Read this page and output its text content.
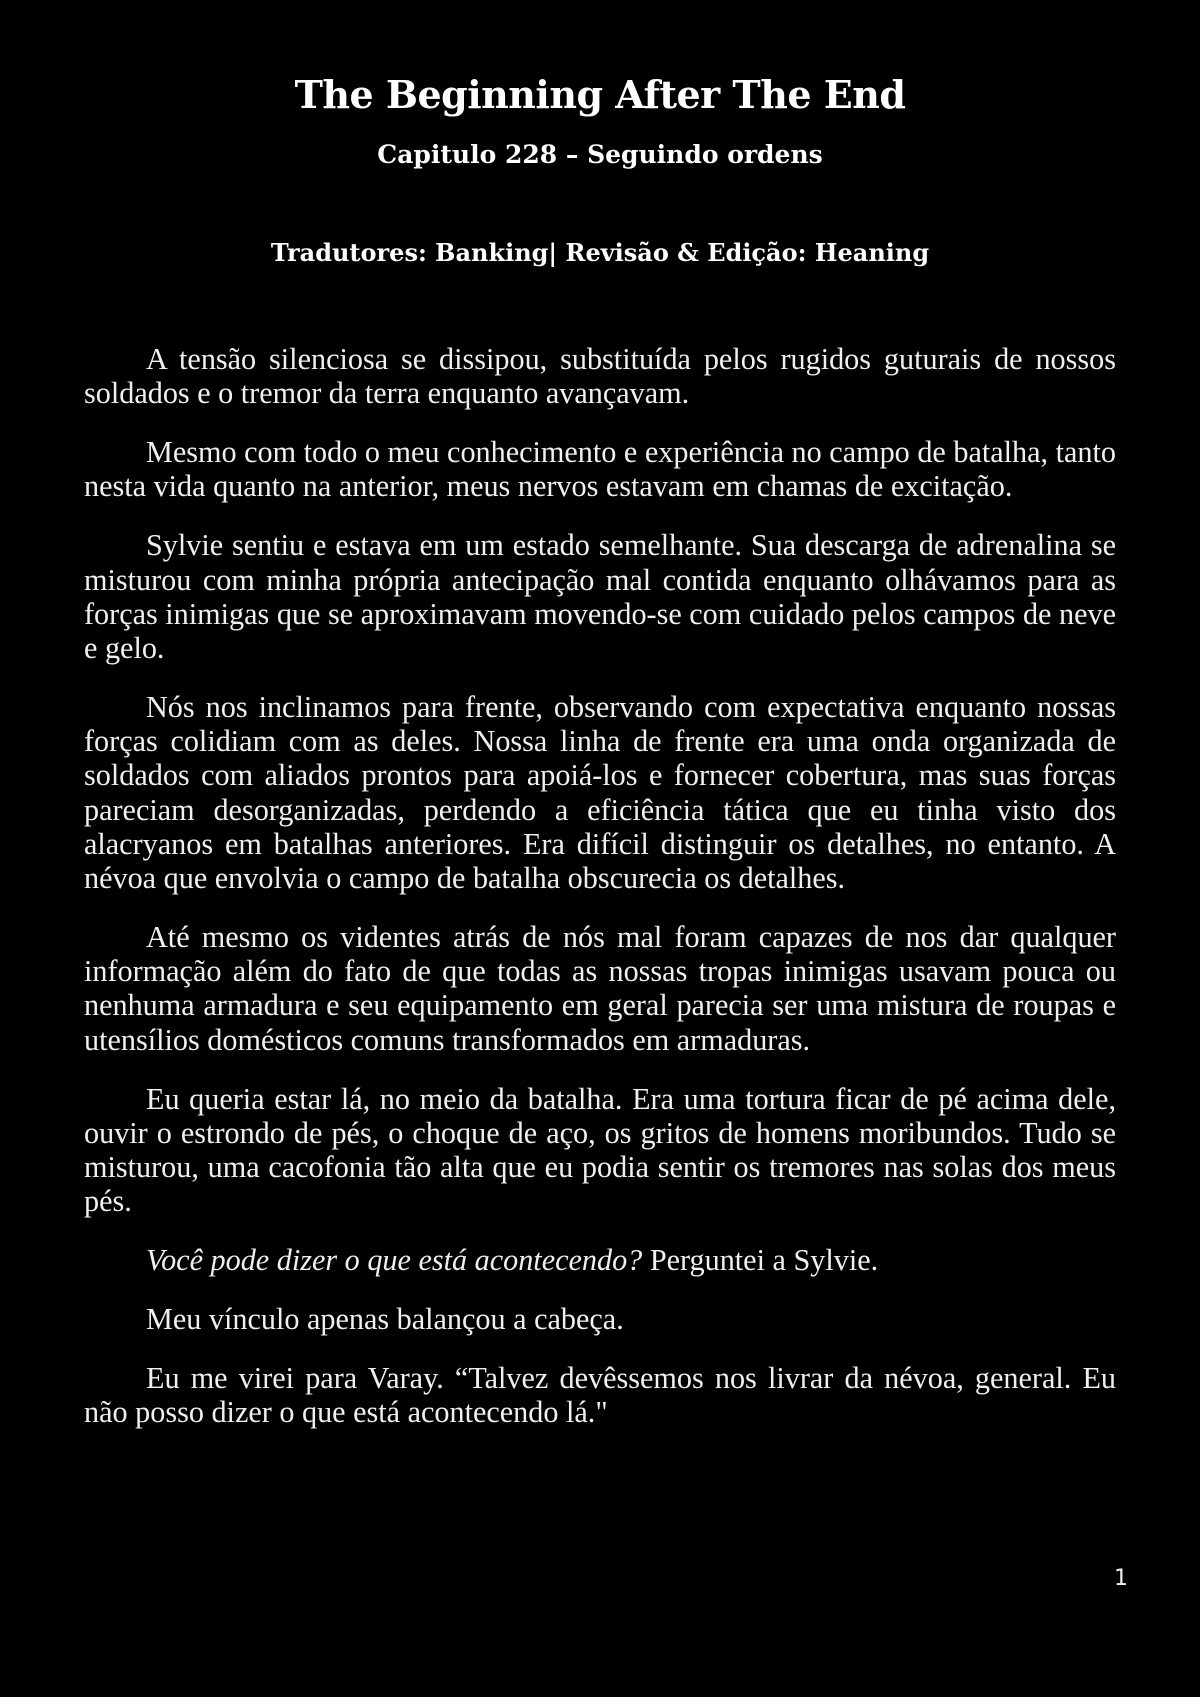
The Beginning After The End
Capitulo 228 – Seguindo ordens
Tradutores: Banking| Revisão & Edição: Heaning

A tensão silenciosa se dissipou, substituída pelos rugidos guturais de nossos soldados e o tremor da terra enquanto avançavam.

Mesmo com todo o meu conhecimento e experiência no campo de batalha, tanto nesta vida quanto na anterior, meus nervos estavam em chamas de excitação.

Sylvie sentiu e estava em um estado semelhante. Sua descarga de adrenalina se misturou com minha própria antecipação mal contida enquanto olhávamos para as forças inimigas que se aproximavam movendo-se com cuidado pelos campos de neve e gelo.

Nós nos inclinamos para frente, observando com expectativa enquanto nossas forças colidiam com as deles. Nossa linha de frente era uma onda organizada de soldados com aliados prontos para apoiá-los e fornecer cobertura, mas suas forças pareciam desorganizadas, perdendo a eficiência tática que eu tinha visto dos alacryanos em batalhas anteriores. Era difícil distinguir os detalhes, no entanto. A névoa que envolvia o campo de batalha obscurecia os detalhes.

Até mesmo os videntes atrás de nós mal foram capazes de nos dar qualquer informação além do fato de que todas as nossas tropas inimigas usavam pouca ou nenhuma armadura e seu equipamento em geral parecia ser uma mistura de roupas e utensílios domésticos comuns transformados em armaduras.

Eu queria estar lá, no meio da batalha. Era uma tortura ficar de pé acima dele, ouvir o estrondo de pés, o choque de aço, os gritos de homens moribundos. Tudo se misturou, uma cacofonia tão alta que eu podia sentir os tremores nas solas dos meus pés.

Você pode dizer o que está acontecendo? Perguntei a Sylvie.

Meu vínculo apenas balançou a cabeça.

Eu me virei para Varay. “Talvez devêssemos nos livrar da névoa, general. Eu não posso dizer o que está acontecendo lá."

1
